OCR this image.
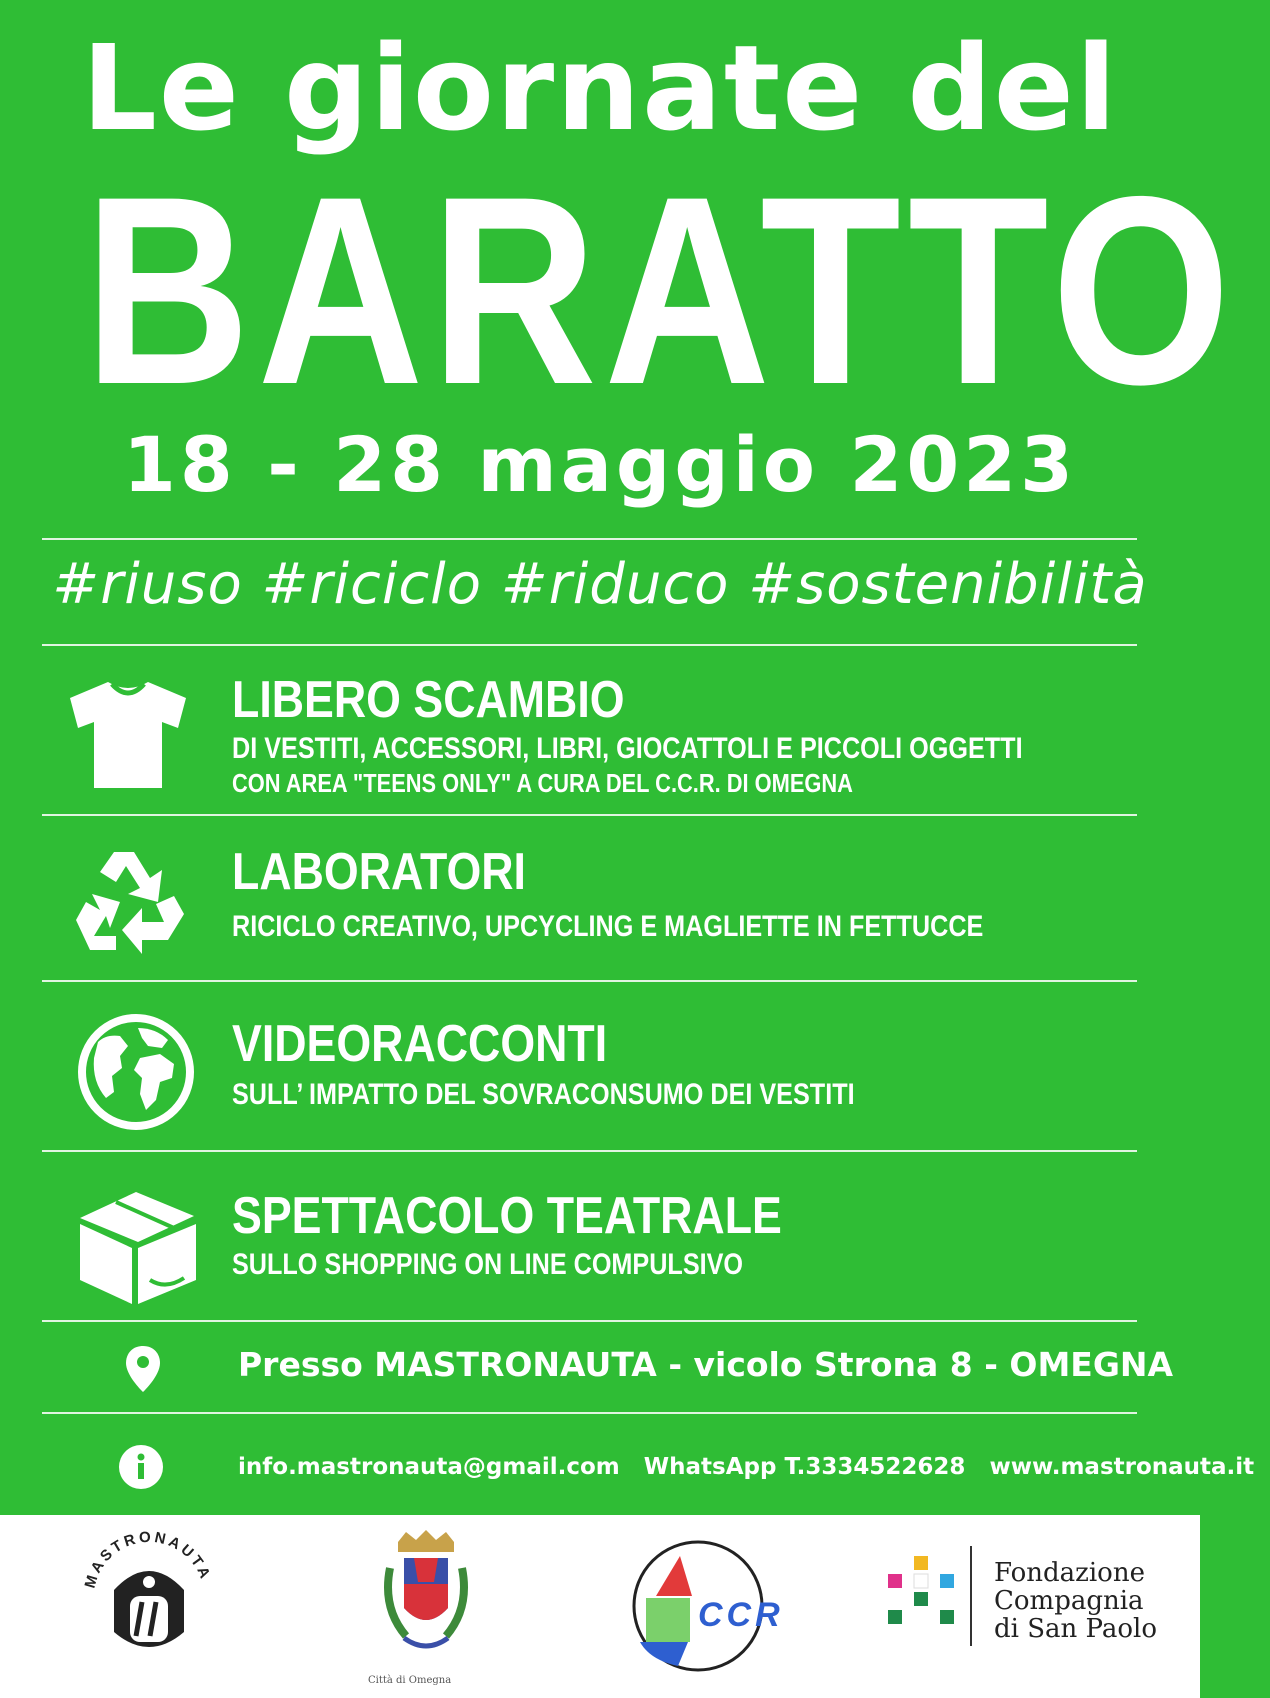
Le giornate del
BARATTO
18 - 28 maggio 2023
#riuso #riciclo #riduco #sostenibilità
LIBERO SCAMBIO
DI VESTITI, ACCESSORI, LIBRI, GIOCATTOLI E PICCOLI OGGETTI
CON AREA "TEENS ONLY" A CURA DEL C.C.R. DI OMEGNA
LABORATORI
RICICLO CREATIVO, UPCYCLING E MAGLIETTE IN FETTUCCE
VIDEORACCONTI
SULL’ IMPATTO DEL SOVRACONSUMO DEI VESTITI
SPETTACOLO TEATRALE
SULLO SHOPPING ON LINE COMPULSIVO
Presso MASTRONAUTA - vicolo Strona 8 - OMEGNA
info.mastronauta@gmail.com WhatsApp T.3334522628 www.mastronauta.it
MASTRONAUTA
Città di Omegna
CCR
Fondazione
Compagnia
di San Paolo
